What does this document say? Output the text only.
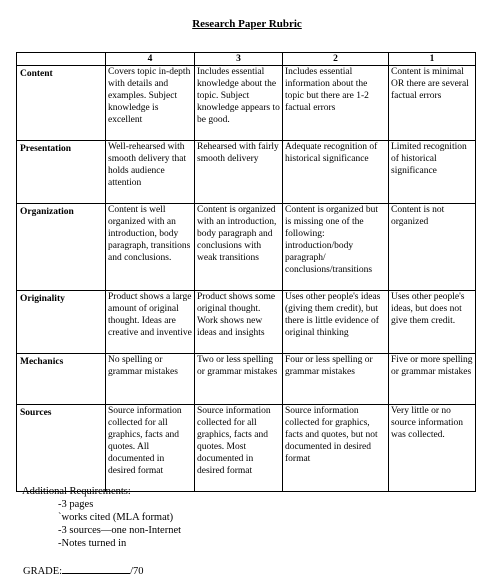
Research Paper Rubric
	4	3	2	1
Content	Covers topic in-depth with details and examples. Subject knowledge is excellent	Includes essential knowledge about the topic. Subject knowledge appears to be good.	Includes essential information about the topic but there are 1-2 factual errors	Content is minimal OR there are several factual errors
Presentation	Well-rehearsed with smooth delivery that holds audience attention	Rehearsed with fairly smooth delivery	Adequate recognition of historical significance	Limited recognition of historical significance
Organization	Content is well organized with an introduction, body paragraph, transitions and conclusions.	Content is organized with an introduction, body paragraph and conclusions with weak transitions	Content is organized but is missing one of the following: introduction/body paragraph/ conclusions/transitions	Content is not organized
Originality	Product shows a large amount of original thought. Ideas are creative and inventive	Product shows some original thought. Work shows new ideas and insights	Uses other people's ideas (giving them credit), but there is little evidence of original thinking	Uses other people's ideas, but does not give them credit.
Mechanics	No spelling or grammar mistakes	Two or less spelling or grammar mistakes	Four or less spelling or grammar mistakes	Five or more spelling or grammar mistakes
Sources	Source information collected for all graphics, facts and quotes. All documented in desired format	Source information collected for all graphics, facts and quotes. Most documented in desired format	Source information collected for graphics, facts and quotes, but not documented in desired format	Very little or no source information was collected.
Additional Requirements:
-3 pages
`works cited (MLA format)
-3 sources—one non-Internet
-Notes turned in
GRADE:	/70
